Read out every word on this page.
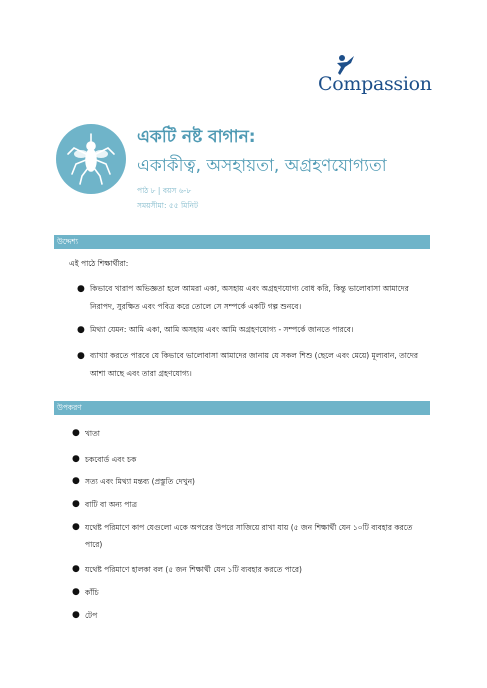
Compassion
একটি নষ্ট বাগান:
একাকীত্ব, অসহায়তা, অগ্রহণযোগ্যতা
পাঠ ৮ | বয়স ৬-৮
সময়সীমা: ৫৫ মিনিট
উদ্দেশ্য
এই পাঠে শিক্ষার্থীরা:
● কিভাবে খারাপ অভিজ্ঞতা হলে আমরা একা, অসহায় এবং অগ্রহণযোগ্য বোধ করি, কিন্তু ভালোবাসা আমাদের নিরাপদ, সুরক্ষিত এবং পবিত্র করে তোলে সে সম্পর্কে একটি গল্প শুনবে।
● মিথ্যা যেমন: আমি একা, আমি অসহায় এবং আমি অগ্রহণযোগ্য - সম্পর্কে জানতে পারবে।
● ব্যাখ্যা করতে পারবে যে কিভাবে ভালোবাসা আমাদের জানায় যে সকল শিশু (ছেলে এবং মেয়ে) মূল্যবান, তাদের আশা আছে এবং তারা গ্রহণযোগ্য।
উপকরণ
● খাতা
● চকবোর্ড এবং চক
● সত্য এবং মিথ্যা মন্তব্য (প্রস্তুতি দেখুন)
● বাটি বা অন্য পাত্র
● যথেষ্ট পরিমাণে কাপ যেগুলো একে অপরের উপরে সাজিয়ে রাখা যায় (৫ জন শিক্ষার্থী যেন ১০টি ব্যবহার করতে পারে)
● যথেষ্ট পরিমাণে হালকা বল (৫ জন শিক্ষার্থী যেন ১টি ব্যবহার করতে পারে)
● কাঁচি
● টেপ
